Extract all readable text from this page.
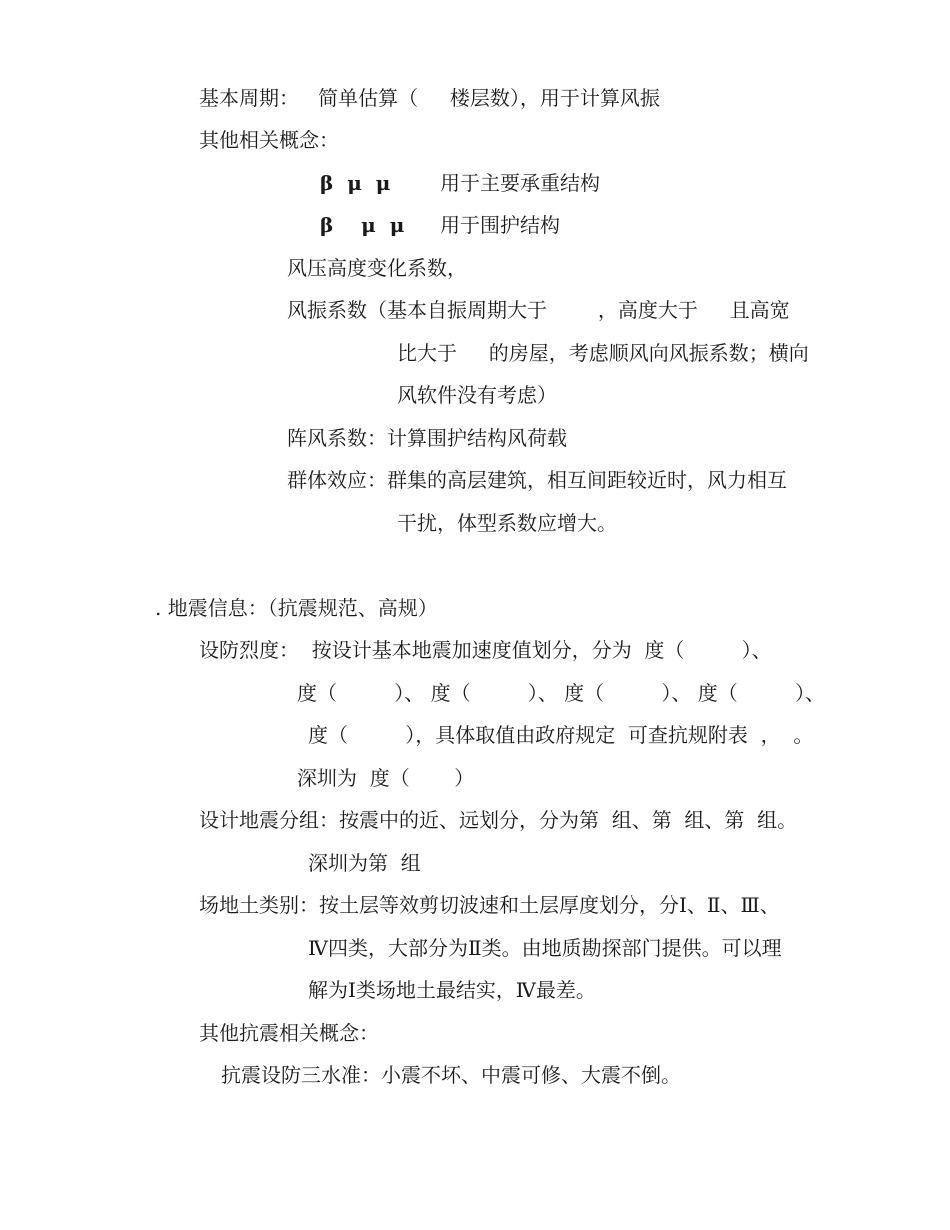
基本周期：   简单估算（     楼层数），用于计算风振
其他相关概念：
β  μ  μ 用于主要承重结构
β    μ  μ 用于围护结构
风压高度变化系数，
风振系数（基本自振周期大于        ，高度大于     且高宽
比大于     的房屋，考虑顺风向风振系数；横向
风软件没有考虑）
阵风系数：计算围护结构风荷载
群体效应：群集的高层建筑，相互间距较近时，风力相互
干扰，体型系数应增大。
. 地震信息：（抗震规范、高规）
设防烈度：  按设计基本地震加速度值划分，分为  度（         ）、
度（         ）、 度（         ）、 度（         ）、 度（         ）、
度（         ），具体取值由政府规定  可查抗规附表  ，  。
深圳为  度（       ）
设计地震分组：按震中的近、远划分，分为第  组、第  组、第  组。
深圳为第  组
场地土类别：按土层等效剪切波速和土层厚度划分，分Ⅰ、Ⅱ、Ⅲ、
Ⅳ四类，大部分为Ⅱ类。由地质勘探部门提供。可以理
解为Ⅰ类场地土最结实，Ⅳ最差。
其他抗震相关概念：
抗震设防三水准：小震不坏、中震可修、大震不倒。
